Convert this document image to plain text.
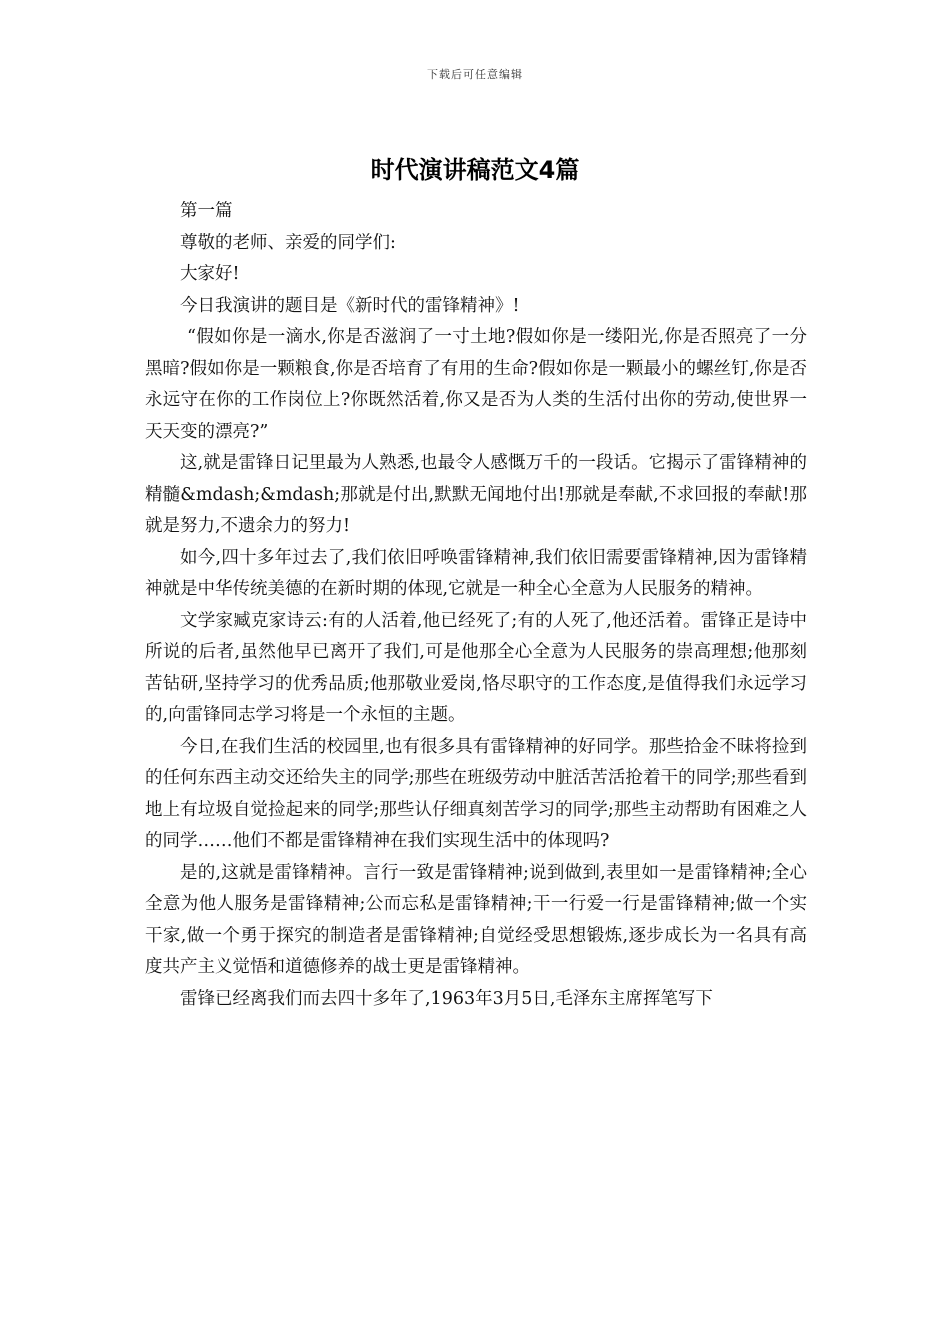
下载后可任意编辑
时代演讲稿范文4篇

第一篇

尊敬的老师、亲爱的同学们:

大家好!

今日我演讲的题目是《新时代的雷锋精神》!

“假如你是一滴水,你是否滋润了一寸土地?假如你是一缕阳光,你是否照亮了一分黑暗?假如你是一颗粮食,你是否培育了有用的生命?假如你是一颗最小的螺丝钉,你是否永远守在你的工作岗位上?你既然活着,你又是否为人类的生活付出你的劳动,使世界一天天变的漂亮?”

这,就是雷锋日记里最为人熟悉,也最令人感慨万千的一段话。它揭示了雷锋精神的精髓&mdash;&mdash;那就是付出,默默无闻地付出!那就是奉献,不求回报的奉献!那就是努力,不遗余力的努力!

如今,四十多年过去了,我们依旧呼唤雷锋精神,我们依旧需要雷锋精神,因为雷锋精神就是中华传统美德的在新时期的体现,它就是一种全心全意为人民服务的精神。

文学家臧克家诗云:有的人活着,他已经死了;有的人死了,他还活着。雷锋正是诗中所说的后者,虽然他早已离开了我们,可是他那全心全意为人民服务的崇高理想;他那刻苦钻研,坚持学习的优秀品质;他那敬业爱岗,恪尽职守的工作态度,是值得我们永远学习的,向雷锋同志学习将是一个永恒的主题。

今日,在我们生活的校园里,也有很多具有雷锋精神的好同学。那些拾金不昧将捡到的任何东西主动交还给失主的同学;那些在班级劳动中脏活苦活抢着干的同学;那些看到地上有垃圾自觉捡起来的同学;那些认仔细真刻苦学习的同学;那些主动帮助有困难之人的同学……他们不都是雷锋精神在我们实现生活中的体现吗?

是的,这就是雷锋精神。言行一致是雷锋精神;说到做到,表里如一是雷锋精神;全心全意为他人服务是雷锋精神;公而忘私是雷锋精神;干一行爱一行是雷锋精神;做一个实干家,做一个勇于探究的制造者是雷锋精神;自觉经受思想锻炼,逐步成长为一名具有高度共产主义觉悟和道德修养的战士更是雷锋精神。

雷锋已经离我们而去四十多年了,1963年3月5日,毛泽东主席挥笔写下
